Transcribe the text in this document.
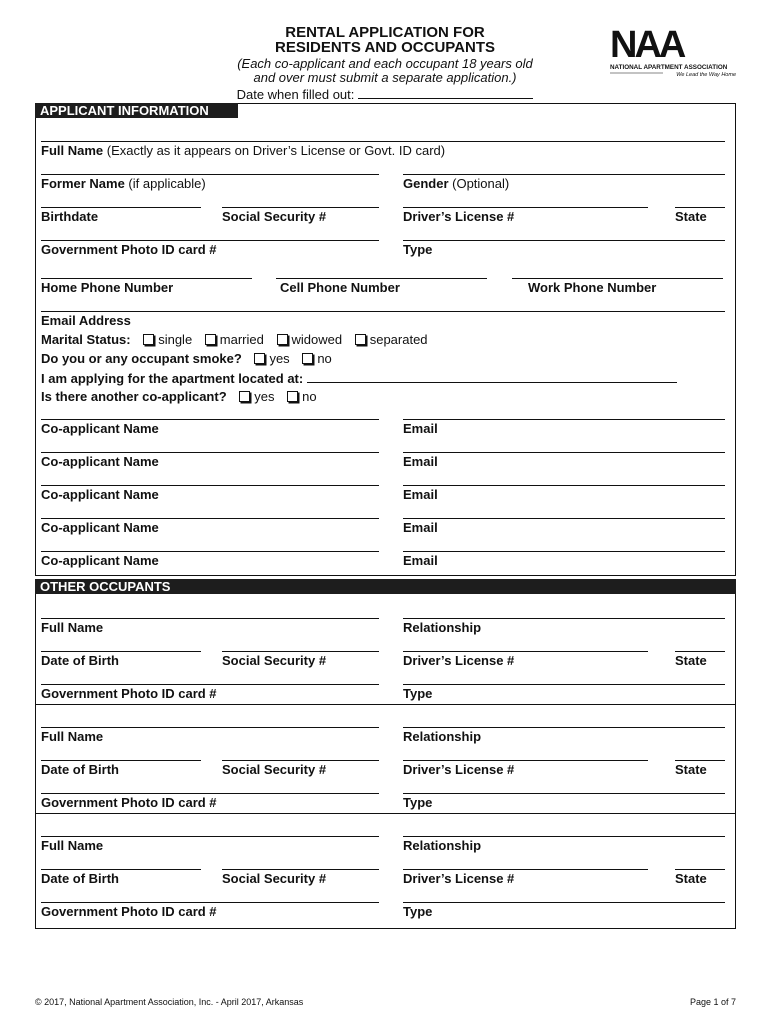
RENTAL APPLICATION FOR
RESIDENTS AND OCCUPANTS
(Each co-applicant and each occupant 18 years old
and over must submit a separate application.)
Date when filled out:
NAA
NATIONAL APARTMENT ASSOCIATION
We Lead the Way Home
APPLICANT INFORMATION
Full Name (Exactly as it appears on Driver’s License or Govt. ID card)
Former Name (if applicable)	Gender (Optional)
Birthdate	Social Security #	Driver’s License #	State
Government Photo ID card #	Type
Home Phone Number	Cell Phone Number	Work Phone Number
Email Address
Marital Status: single married widowed separated
Do you or any occupant smoke? yes no
I am applying for the apartment located at:
Is there another co-applicant? yes no
Co-applicant Name	Email
Co-applicant Name	Email
Co-applicant Name	Email
Co-applicant Name	Email
Co-applicant Name	Email
OTHER OCCUPANTS
Full Name	Relationship
Date of Birth	Social Security #	Driver’s License #	State
Government Photo ID card #	Type
Full Name	Relationship
Date of Birth	Social Security #	Driver’s License #	State
Government Photo ID card #	Type
Full Name	Relationship
Date of Birth	Social Security #	Driver’s License #	State
Government Photo ID card #	Type
© 2017, National Apartment Association, Inc. - April 2017, Arkansas	Page 1 of 7
